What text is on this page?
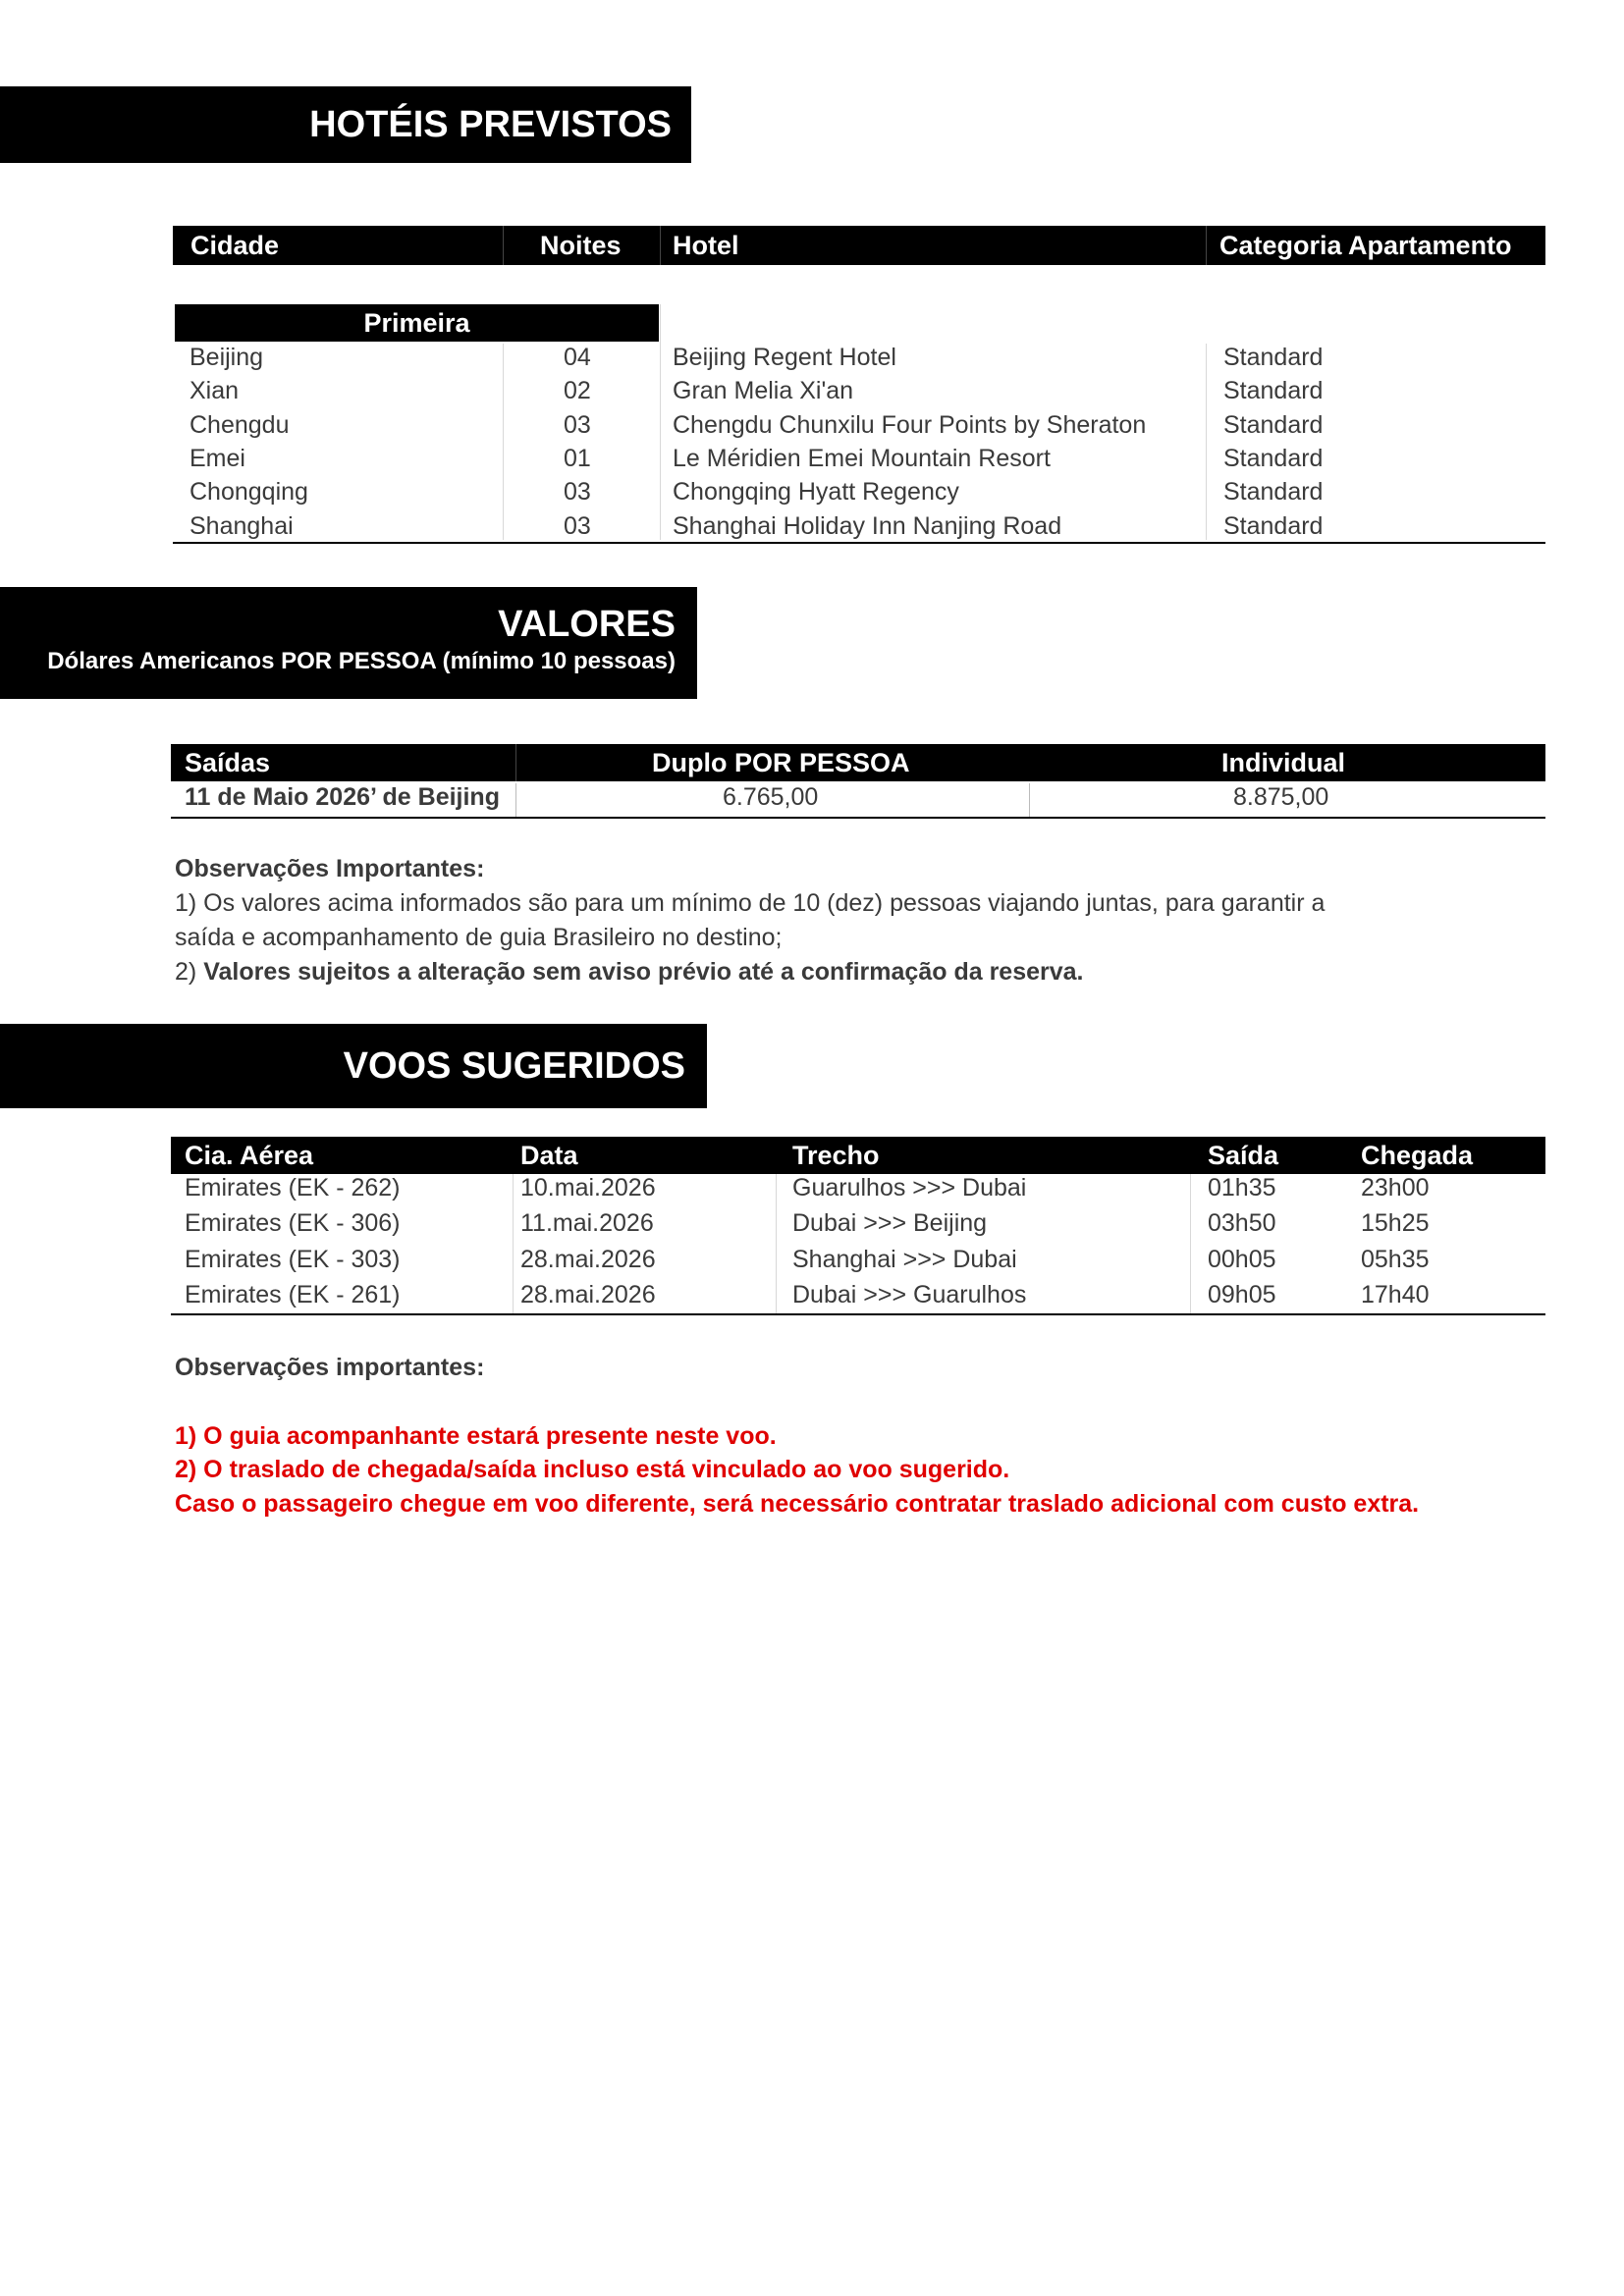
HOTÉIS PREVISTOS
Cidade	Noites Hotel	Categoria Apartamento
Primeira
Beijing	04	Beijing Regent Hotel	Standard
Xian	02	Gran Melia Xi'an	Standard
Chengdu	03	Chengdu Chunxilu Four Points by Sheraton	Standard
Emei	01	Le Méridien Emei Mountain Resort	Standard
Chongqing	03	Chongqing Hyatt Regency	Standard
Shanghai	03	Shanghai Holiday Inn Nanjing Road	Standard
VALORES
Dólares Americanos POR PESSOA (mínimo 10 pessoas)
Saídas	Duplo POR PESSOA	Individual
11 de Maio 2026’ de Beijing	6.765,00	8.875,00
Observações Importantes:
1) Os valores acima informados são para um mínimo de 10 (dez) pessoas viajando juntas, para garantir a
saída e acompanhamento de guia Brasileiro no destino;
2) Valores sujeitos a alteração sem aviso prévio até a confirmação da reserva.
VOOS SUGERIDOS
Cia. Aérea	Data	Trecho	Saída	Chegada
Emirates (EK - 262)	10.mai.2026	Guarulhos >>> Dubai	01h35	23h00
Emirates (EK - 306)	11.mai.2026	Dubai >>> Beijing	03h50	15h25
Emirates (EK - 303)	28.mai.2026	Shanghai >>> Dubai	00h05	05h35
Emirates (EK - 261)	28.mai.2026	Dubai >>> Guarulhos	09h05	17h40
Observações importantes:
1) O guia acompanhante estará presente neste voo.
2) O traslado de chegada/saída incluso está vinculado ao voo sugerido.
Caso o passageiro chegue em voo diferente, será necessário contratar traslado adicional com custo extra.
